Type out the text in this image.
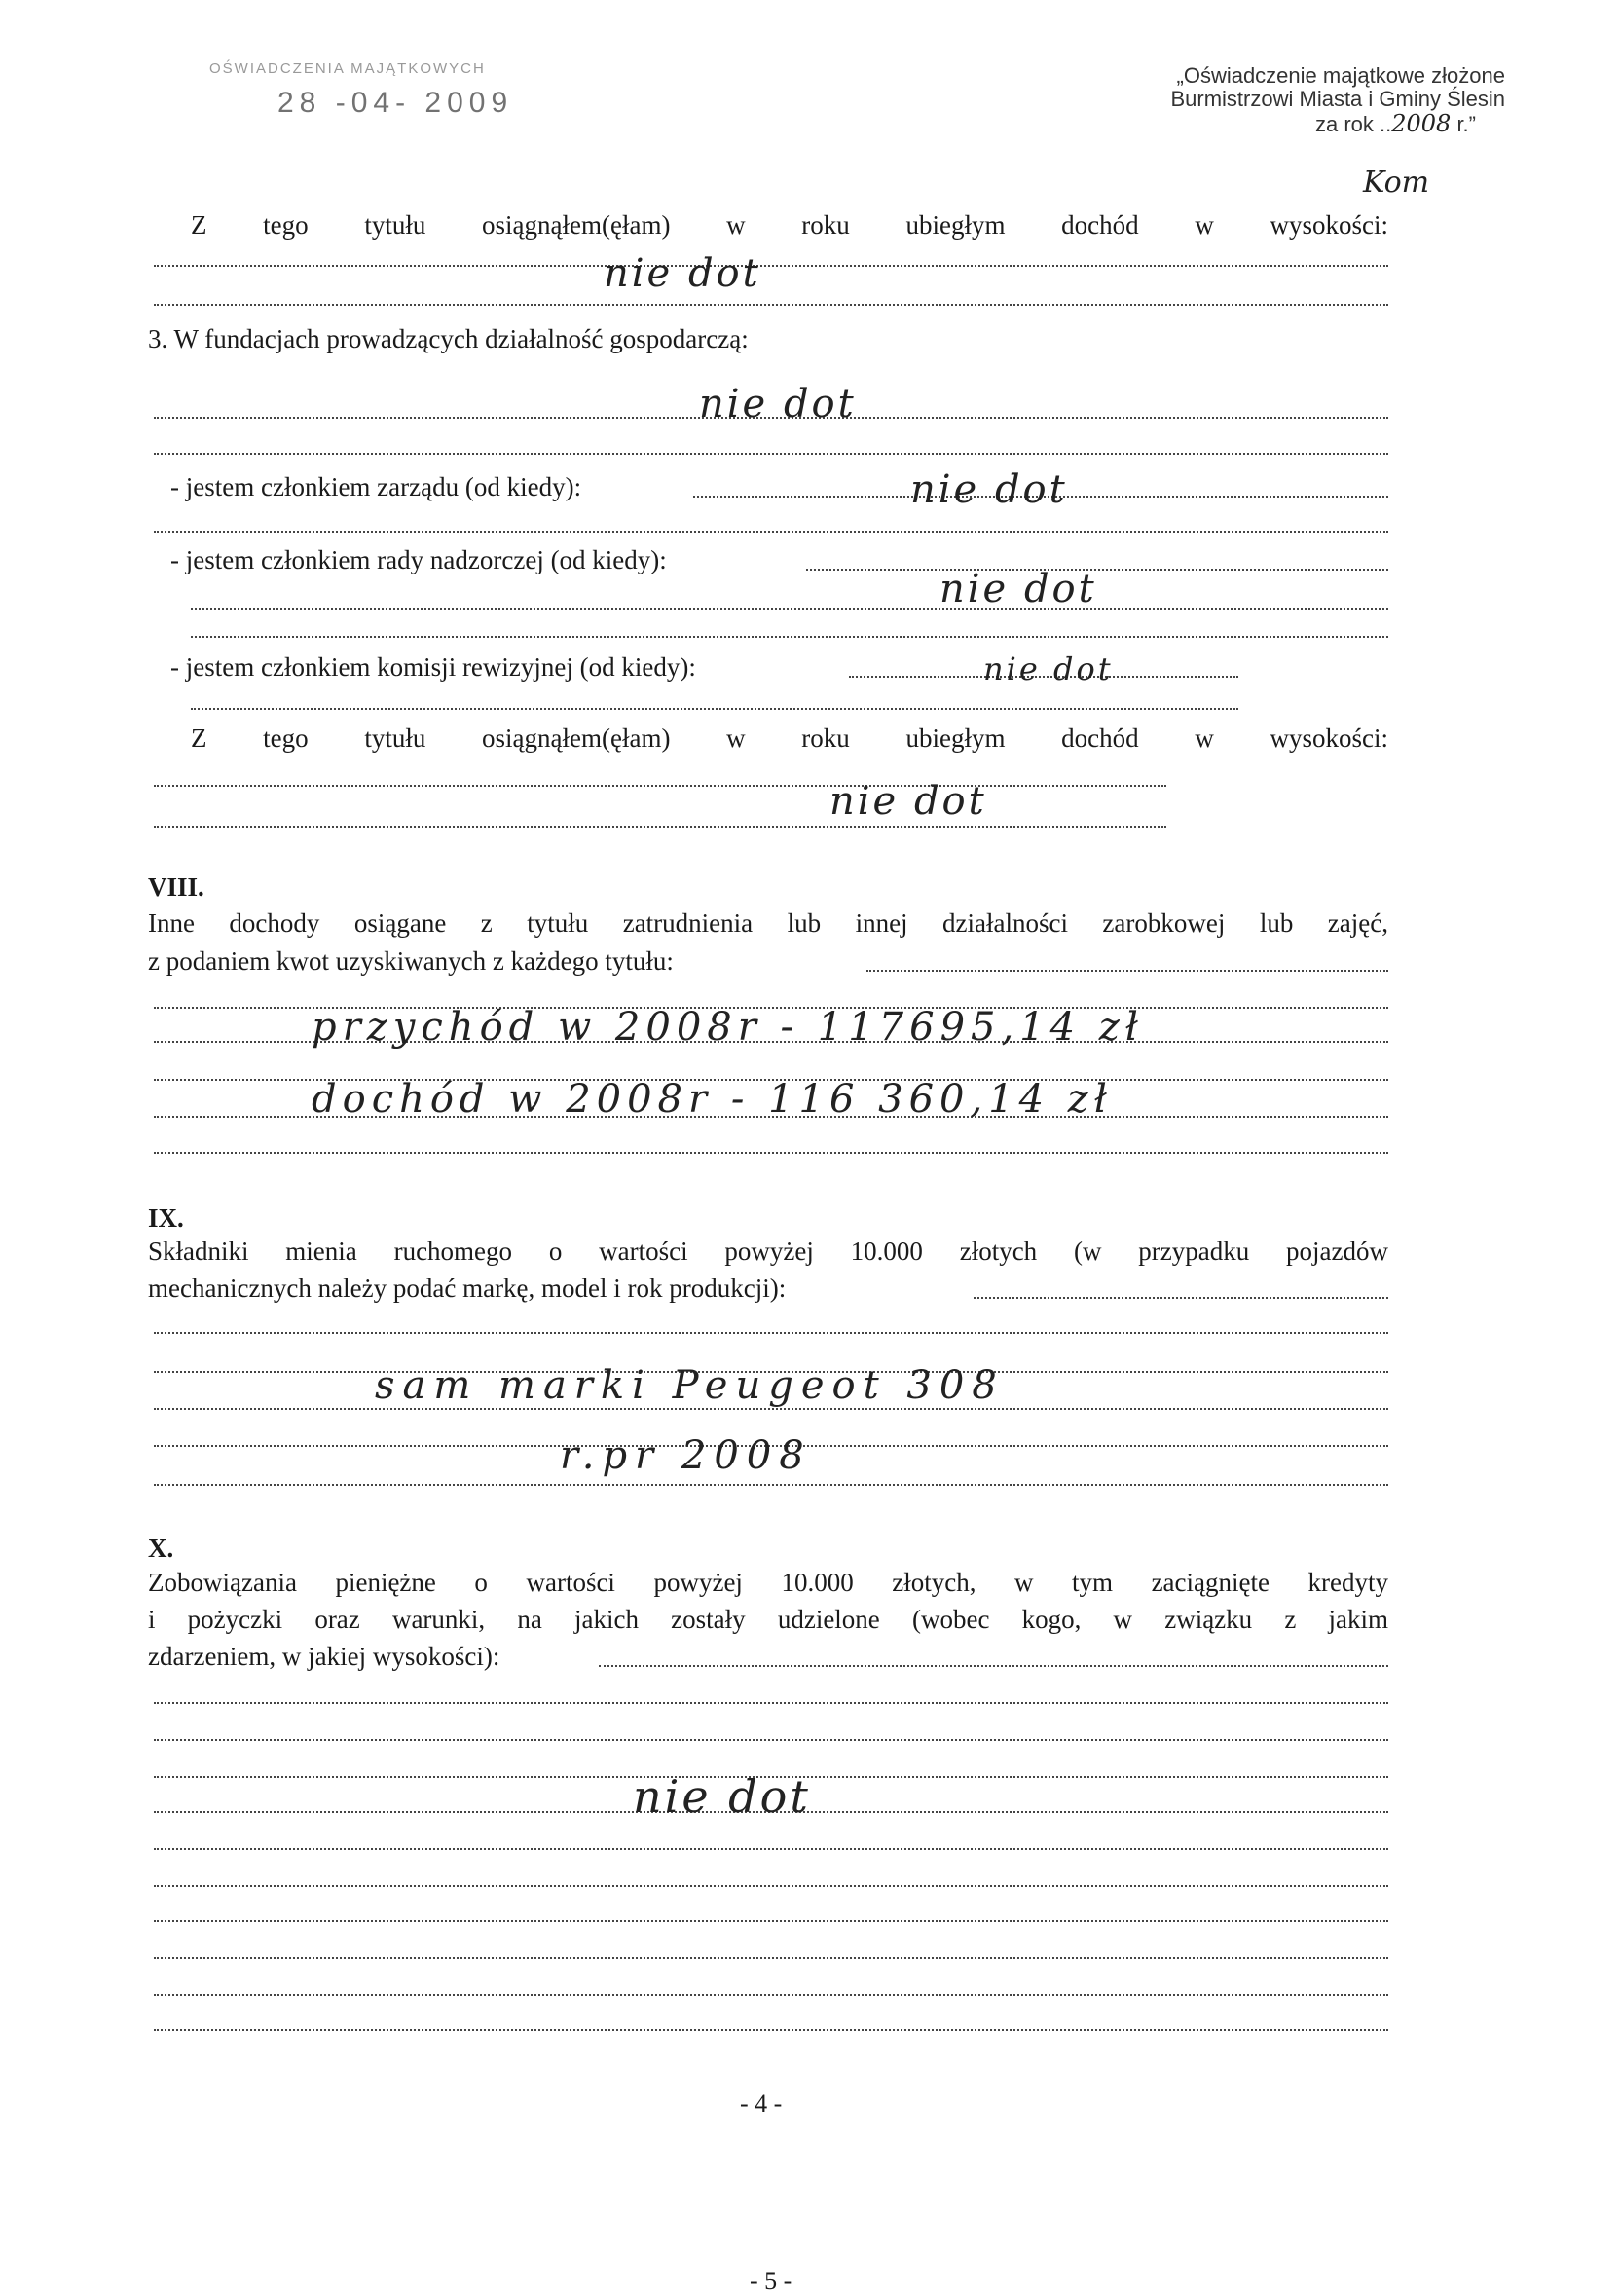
OŚWIADCZENIA MAJĄTKOWYCH
28 -04- 2009
„Oświadczenie majątkowe złożone
Burmistrzowi Miasta i Gminy Ślesin
za rok ..2008 r.”
Kom
Z tego tytułu osiągnąłem(ęłam) w roku ubiegłym dochód w wysokości:
nie dot
3. W fundacjach prowadzących działalność gospodarczą:
nie dot
- jestem członkiem zarządu (od kiedy):	nie dot
- jestem członkiem rady nadzorczej (od kiedy):
nie dot
- jestem członkiem komisji rewizyjnej (od kiedy):	nie dot
Z tego tytułu osiągnąłem(ęłam) w roku ubiegłym dochód w wysokości:
nie dot
VIII.
Inne dochody osiągane z tytułu zatrudnienia lub innej działalności zarobkowej lub zajęć,
z podaniem kwot uzyskiwanych z każdego tytułu:
przychód w 2008r - 117695,14 zł
dochód w 2008r - 116 360,14 zł
IX.
Składniki mienia ruchomego o wartości powyżej 10.000 złotych (w przypadku pojazdów
mechanicznych należy podać markę, model i rok produkcji):
sam marki Peugeot 308
r.pr 2008
X.
Zobowiązania pieniężne o wartości powyżej 10.000 złotych, w tym zaciągnięte kredyty
i pożyczki oraz warunki, na jakich zostały udzielone (wobec kogo, w związku z jakim
zdarzeniem, w jakiej wysokości):
nie dot
- 4 -
- 5 -
